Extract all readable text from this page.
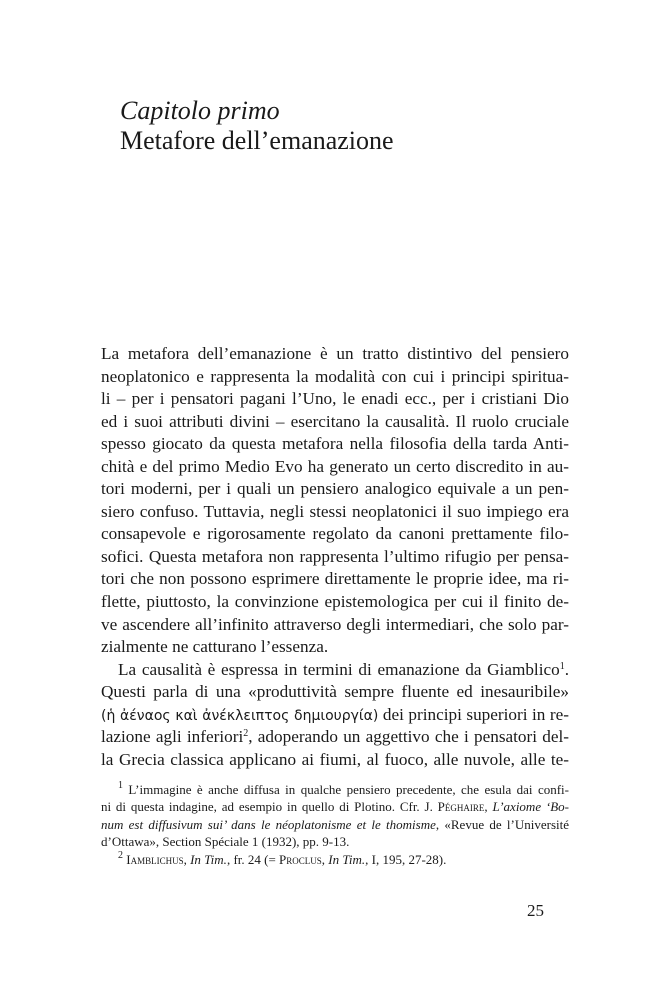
Capitolo primo

Metafore dell’emanazione

La metafora dell’emanazione è un tratto distintivo del pensiero
neoplatonico e rappresenta la modalità con cui i principi spiritua-
li – per i pensatori pagani l’Uno, le enadi ecc., per i cristiani Dio
ed i suoi attributi divini – esercitano la causalità. Il ruolo cruciale
spesso giocato da questa metafora nella filosofia della tarda Anti-
chità e del primo Medio Evo ha generato un certo discredito in au-
tori moderni, per i quali un pensiero analogico equivale a un pen-
siero confuso. Tuttavia, negli stessi neoplatonici il suo impiego era
consapevole e rigorosamente regolato da canoni prettamente filo-
sofici. Questa metafora non rappresenta l’ultimo rifugio per pensa-
tori che non possono esprimere direttamente le proprie idee, ma ri-
flette, piuttosto, la convinzione epistemologica per cui il finito de-
ve ascendere all’infinito attraverso degli intermediari, che solo par-
zialmente ne catturano l’essenza.
La causalità è espressa in termini di emanazione da Giamblico$^1$.
Questi parla di una «produttività sempre fluente ed inesauribile»
(ἡ ἀέναος καὶ ἀνέκλειπτος δημιουργία) dei principi superiori in re-
lazione agli inferiori$^2$, adoperando un aggettivo che i pensatori del-
la Grecia classica applicano ai fiumi, al fuoco, alle nuvole, alle te-
$^1$ L’immagine è anche diffusa in qualche pensiero precedente, che esula dai confi-
ni di questa indagine, ad esempio in quello di Plotino. Cfr. J. Péghaire, L’axiome ‘Bo-
num est diffusivum sui’ dans le néoplatonisme et le thomisme, «Revue de l’Université
d’Ottawa», Section Spéciale 1 (1932), pp. 9-13.
$^2$ Iamblichus, In Tim., fr. 24 (= Proclus, In Tim., I, 195, 27-28).
25
